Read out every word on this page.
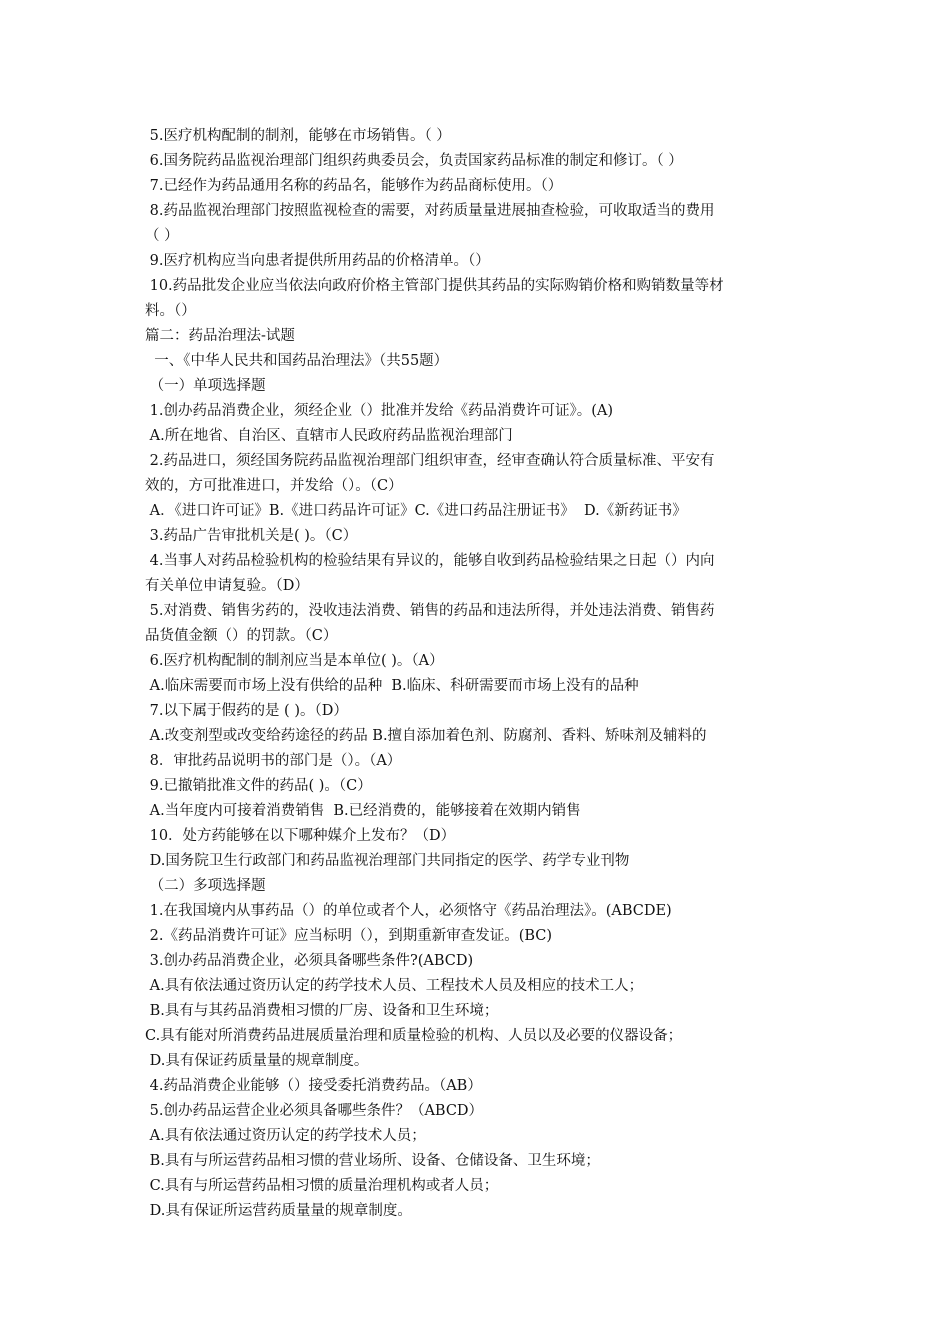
5.医疗机构配制的制剂，能够在市场销售。（ ）
6.国务院药品监视治理部门组织药典委员会，负责国家药品标准的制定和修订。（ ）
7.已经作为药品通用名称的药品名，能够作为药品商标使用。（）
8.药品监视治理部门按照监视检查的需要，对药质量量进展抽查检验，可收取适当的费用
（ ）
9.医疗机构应当向患者提供所用药品的价格清单。（）
10.药品批发企业应当依法向政府价格主管部门提供其药品的实际购销价格和购销数量等材
料。（）
篇二：药品治理法-试题
一、《中华人民共和国药品治理法》（共55题）
（一）单项选择题
1.创办药品消费企业，须经企业（）批准并发给《药品消费许可证》。(A)
A.所在地省、自治区、直辖市人民政府药品监视治理部门
2.药品进口，须经国务院药品监视治理部门组织审查，经审查确认符合质量标准、平安有
效的，方可批准进口，并发给（）。（C）
A．《进口许可证》B.《进口药品许可证》C.《进口药品注册证书》  D.《新药证书》
3.药品广告审批机关是( )。（C）
4.当事人对药品检验机构的检验结果有异议的，能够自收到药品检验结果之日起（）内向
有关单位申请复验。（D）
5.对消费、销售劣药的，没收违法消费、销售的药品和违法所得，并处违法消费、销售药
品货值金额（）的罚款。（C）
6.医疗机构配制的制剂应当是本单位( )。（A）
A.临床需要而市场上没有供给的品种  B.临床、科研需要而市场上没有的品种
7.以下属于假药的是 ( )。（D）
A.改变剂型或改变给药途径的药品 B.擅自添加着色剂、防腐剂、香料、矫味剂及辅料的
8．审批药品说明书的部门是（）。（A）
9.已撤销批准文件的药品( )。（C）
A.当年度内可接着消费销售  B.已经消费的，能够接着在效期内销售
10．处方药能够在以下哪种媒介上发布？（D）
D.国务院卫生行政部门和药品监视治理部门共同指定的医学、药学专业刊物
（二）多项选择题
1.在我国境内从事药品（）的单位或者个人，必须恪守《药品治理法》。(ABCDE)
2.《药品消费许可证》应当标明（），到期重新审查发证。(BC)
3.创办药品消费企业，必须具备哪些条件?(ABCD)
A.具有依法通过资历认定的药学技术人员、工程技术人员及相应的技术工人；
B.具有与其药品消费相习惯的厂房、设备和卫生环境；
C.具有能对所消费药品进展质量治理和质量检验的机构、人员以及必要的仪器设备；
D.具有保证药质量量的规章制度。
4.药品消费企业能够（）接受委托消费药品。（AB）
5.创办药品运营企业必须具备哪些条件？（ABCD）
A.具有依法通过资历认定的药学技术人员；
B.具有与所运营药品相习惯的营业场所、设备、仓储设备、卫生环境；
C.具有与所运营药品相习惯的质量治理机构或者人员；
D.具有保证所运营药质量量的规章制度。
